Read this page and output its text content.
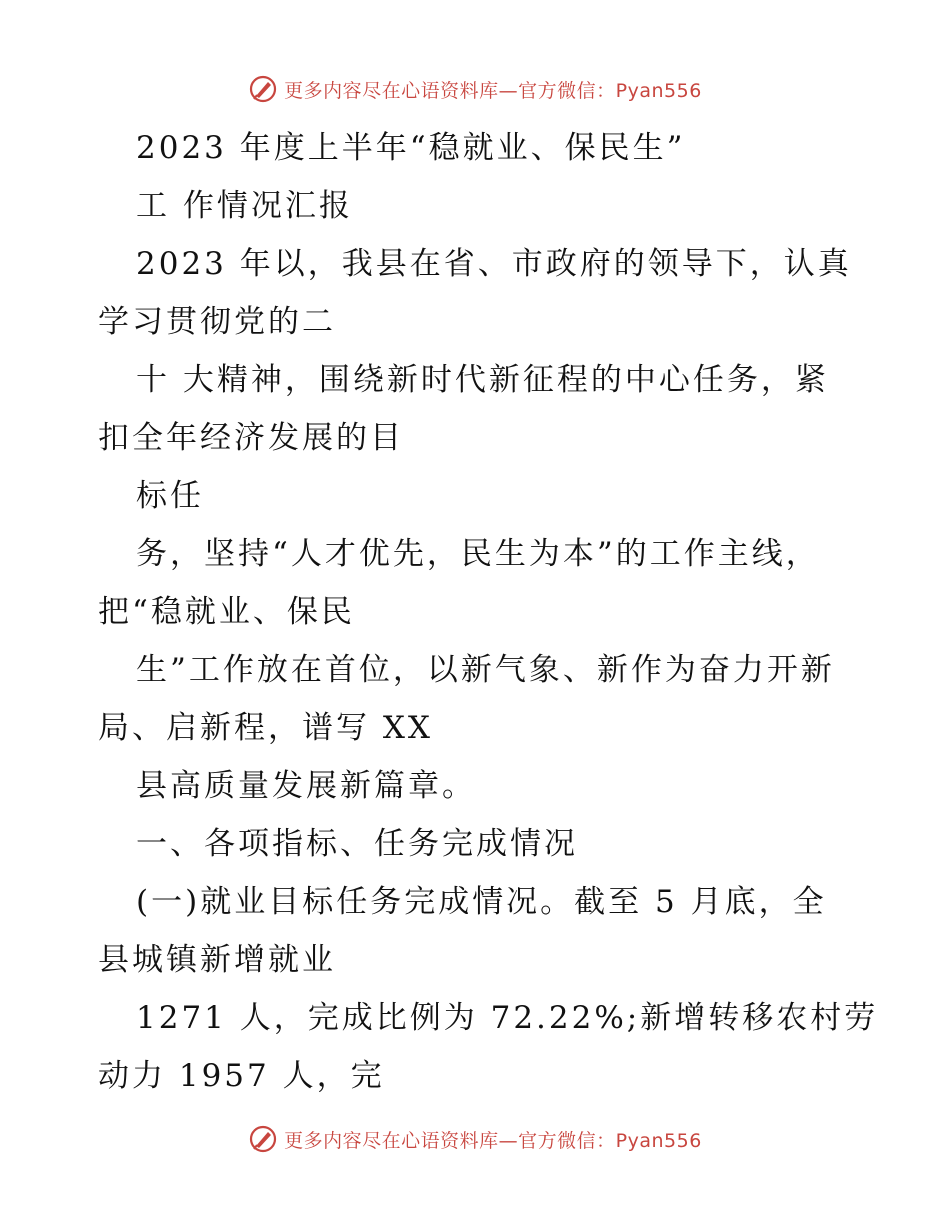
更多内容尽在心语资料库—官方微信：Pyan556
2023 年度上半年“稳就业、保民生”
工 作情况汇报
2023 年以，我县在省、市政府的领导下，认真
学习贯彻党的二
十 大精神，围绕新时代新征程的中心任务，紧
扣全年经济发展的目
标任
务，坚持“人才优先，民生为本”的工作主线，
把“稳就业、保民
生”工作放在首位，以新气象、新作为奋力开新
局、启新程，谱写 XX
县高质量发展新篇章。
一、各项指标、任务完成情况
(一)就业目标任务完成情况。截至 5 月底，全
县城镇新增就业
1271 人，完成比例为 72.22%;新增转移农村劳
动力 1957 人，完
更多内容尽在心语资料库—官方微信：Pyan556
